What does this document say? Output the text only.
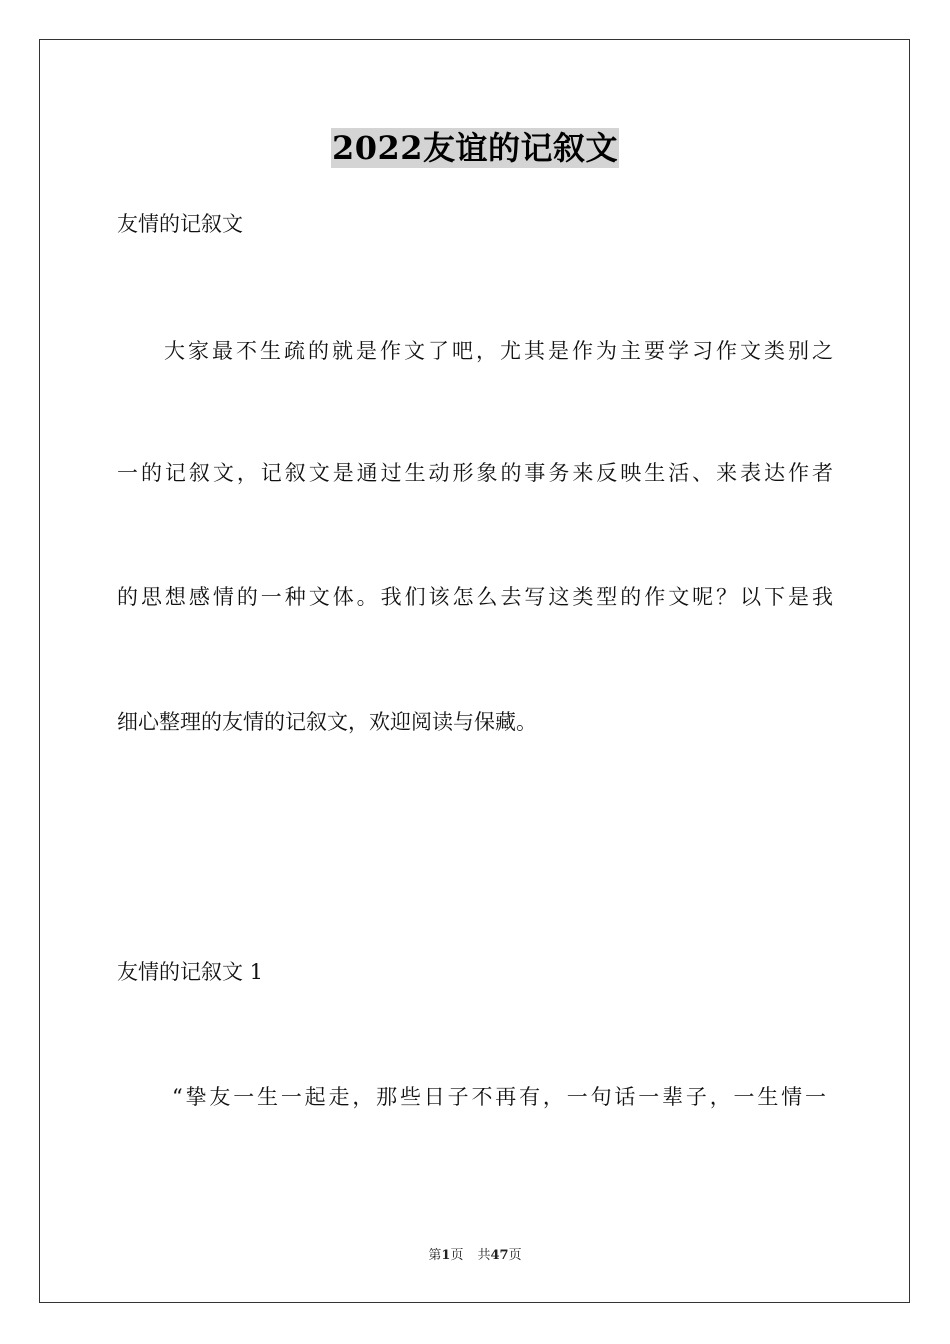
2022友谊的记叙文
友情的记叙文
大家最不生疏的就是作文了吧，尤其是作为主要学习作文类别之
一的记叙文，记叙文是通过生动形象的事务来反映生活、来表达作者
的思想感情的一种文体。我们该怎么去写这类型的作文呢？以下是我
细心整理的友情的记叙文，欢迎阅读与保藏。
友情的记叙文 1
“挚友一生一起走，那些日子不再有，一句话一辈子，一生情一
第1页 共47页
